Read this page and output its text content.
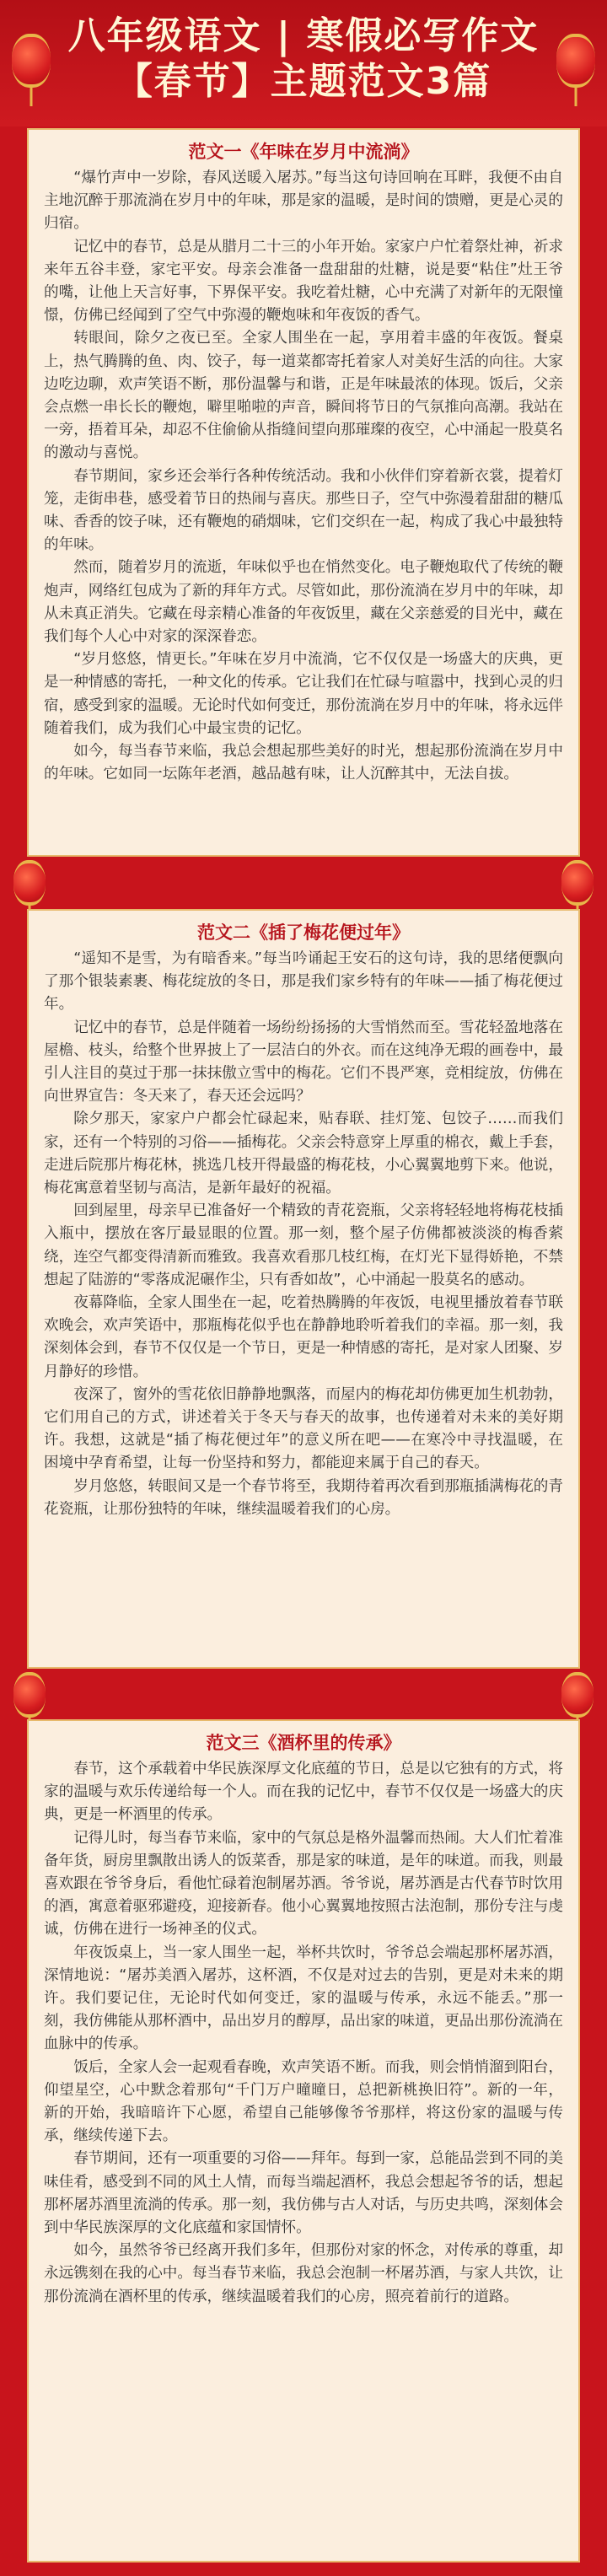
八年级语文 | 寒假必写作文
【春节】主题范文3篇
范文一《年味在岁月中流淌》

“爆竹声中一岁除，春风送暖入屠苏。”每当这句诗回响在耳畔，我便不由自主地沉醉于那流淌在岁月中的年味，那是家的温暖，是时间的馈赠，更是心灵的归宿。

记忆中的春节，总是从腊月二十三的小年开始。家家户户忙着祭灶神，祈求来年五谷丰登，家宅平安。母亲会准备一盘甜甜的灶糖，说是要“粘住”灶王爷的嘴，让他上天言好事，下界保平安。我吃着灶糖，心中充满了对新年的无限憧憬，仿佛已经闻到了空气中弥漫的鞭炮味和年夜饭的香气。

转眼间，除夕之夜已至。全家人围坐在一起，享用着丰盛的年夜饭。餐桌上，热气腾腾的鱼、肉、饺子，每一道菜都寄托着家人对美好生活的向往。大家边吃边聊，欢声笑语不断，那份温馨与和谐，正是年味最浓的体现。饭后，父亲会点燃一串长长的鞭炮，噼里啪啦的声音，瞬间将节日的气氛推向高潮。我站在一旁，捂着耳朵，却忍不住偷偷从指缝间望向那璀璨的夜空，心中涌起一股莫名的激动与喜悦。

春节期间，家乡还会举行各种传统活动。我和小伙伴们穿着新衣裳，提着灯笼，走街串巷，感受着节日的热闹与喜庆。那些日子，空气中弥漫着甜甜的糖瓜味、香香的饺子味，还有鞭炮的硝烟味，它们交织在一起，构成了我心中最独特的年味。

然而，随着岁月的流逝，年味似乎也在悄然变化。电子鞭炮取代了传统的鞭炮声，网络红包成为了新的拜年方式。尽管如此，那份流淌在岁月中的年味，却从未真正消失。它藏在母亲精心准备的年夜饭里，藏在父亲慈爱的目光中，藏在我们每个人心中对家的深深眷恋。

“岁月悠悠，情更长。”年味在岁月中流淌，它不仅仅是一场盛大的庆典，更是一种情感的寄托，一种文化的传承。它让我们在忙碌与喧嚣中，找到心灵的归宿，感受到家的温暖。无论时代如何变迁，那份流淌在岁月中的年味，将永远伴随着我们，成为我们心中最宝贵的记忆。

如今，每当春节来临，我总会想起那些美好的时光，想起那份流淌在岁月中的年味。它如同一坛陈年老酒，越品越有味，让人沉醉其中，无法自拔。

范文二《插了梅花便过年》

“遥知不是雪，为有暗香来。”每当吟诵起王安石的这句诗，我的思绪便飘向了那个银装素裹、梅花绽放的冬日，那是我们家乡特有的年味——插了梅花便过年。

记忆中的春节，总是伴随着一场纷纷扬扬的大雪悄然而至。雪花轻盈地落在屋檐、枝头，给整个世界披上了一层洁白的外衣。而在这纯净无瑕的画卷中，最引人注目的莫过于那一抹抹傲立雪中的梅花。它们不畏严寒，竞相绽放，仿佛在向世界宣告：冬天来了，春天还会远吗？

除夕那天，家家户户都会忙碌起来，贴春联、挂灯笼、包饺子……而我们家，还有一个特别的习俗——插梅花。父亲会特意穿上厚重的棉衣，戴上手套，走进后院那片梅花林，挑选几枝开得最盛的梅花枝，小心翼翼地剪下来。他说，梅花寓意着坚韧与高洁，是新年最好的祝福。

回到屋里，母亲早已准备好一个精致的青花瓷瓶，父亲将轻轻地将梅花枝插入瓶中，摆放在客厅最显眼的位置。那一刻，整个屋子仿佛都被淡淡的梅香萦绕，连空气都变得清新而雅致。我喜欢看那几枝红梅，在灯光下显得娇艳，不禁想起了陆游的“零落成泥碾作尘，只有香如故”，心中涌起一股莫名的感动。

夜幕降临，全家人围坐在一起，吃着热腾腾的年夜饭，电视里播放着春节联欢晚会，欢声笑语中，那瓶梅花似乎也在静静地聆听着我们的幸福。那一刻，我深刻体会到，春节不仅仅是一个节日，更是一种情感的寄托，是对家人团聚、岁月静好的珍惜。

夜深了，窗外的雪花依旧静静地飘落，而屋内的梅花却仿佛更加生机勃勃，它们用自己的方式，讲述着关于冬天与春天的故事，也传递着对未来的美好期许。我想，这就是“插了梅花便过年”的意义所在吧——在寒冷中寻找温暖，在困境中孕育希望，让每一份坚持和努力，都能迎来属于自己的春天。

岁月悠悠，转眼间又是一个春节将至，我期待着再次看到那瓶插满梅花的青花瓷瓶，让那份独特的年味，继续温暖着我们的心房。

范文三《酒杯里的传承》

春节，这个承载着中华民族深厚文化底蕴的节日，总是以它独有的方式，将家的温暖与欢乐传递给每一个人。而在我的记忆中，春节不仅仅是一场盛大的庆典，更是一杯酒里的传承。

记得儿时，每当春节来临，家中的气氛总是格外温馨而热闹。大人们忙着准备年货，厨房里飘散出诱人的饭菜香，那是家的味道，是年的味道。而我，则最喜欢跟在爷爷身后，看他忙碌着泡制屠苏酒。爷爷说，屠苏酒是古代春节时饮用的酒，寓意着驱邪避疫，迎接新春。他小心翼翼地按照古法泡制，那份专注与虔诚，仿佛在进行一场神圣的仪式。

年夜饭桌上，当一家人围坐一起，举杯共饮时，爷爷总会端起那杯屠苏酒，深情地说：“屠苏美酒入屠苏，这杯酒，不仅是对过去的告别，更是对未来的期许。我们要记住，无论时代如何变迁，家的温暖与传承，永远不能丢。”那一刻，我仿佛能从那杯酒中，品出岁月的醇厚，品出家的味道，更品出那份流淌在血脉中的传承。

饭后，全家人会一起观看春晚，欢声笑语不断。而我，则会悄悄溜到阳台，仰望星空，心中默念着那句“千门万户曈曈日，总把新桃换旧符”。新的一年，新的开始，我暗暗许下心愿，希望自己能够像爷爷那样，将这份家的温暖与传承，继续传递下去。

春节期间，还有一项重要的习俗——拜年。每到一家，总能品尝到不同的美味佳肴，感受到不同的风土人情，而每当端起酒杯，我总会想起爷爷的话，想起那杯屠苏酒里流淌的传承。那一刻，我仿佛与古人对话，与历史共鸣，深刻体会到中华民族深厚的文化底蕴和家国情怀。

如今，虽然爷爷已经离开我们多年，但那份对家的怀念，对传承的尊重，却永远镌刻在我的心中。每当春节来临，我总会泡制一杯屠苏酒，与家人共饮，让那份流淌在酒杯里的传承，继续温暖着我们的心房，照亮着前行的道路。
